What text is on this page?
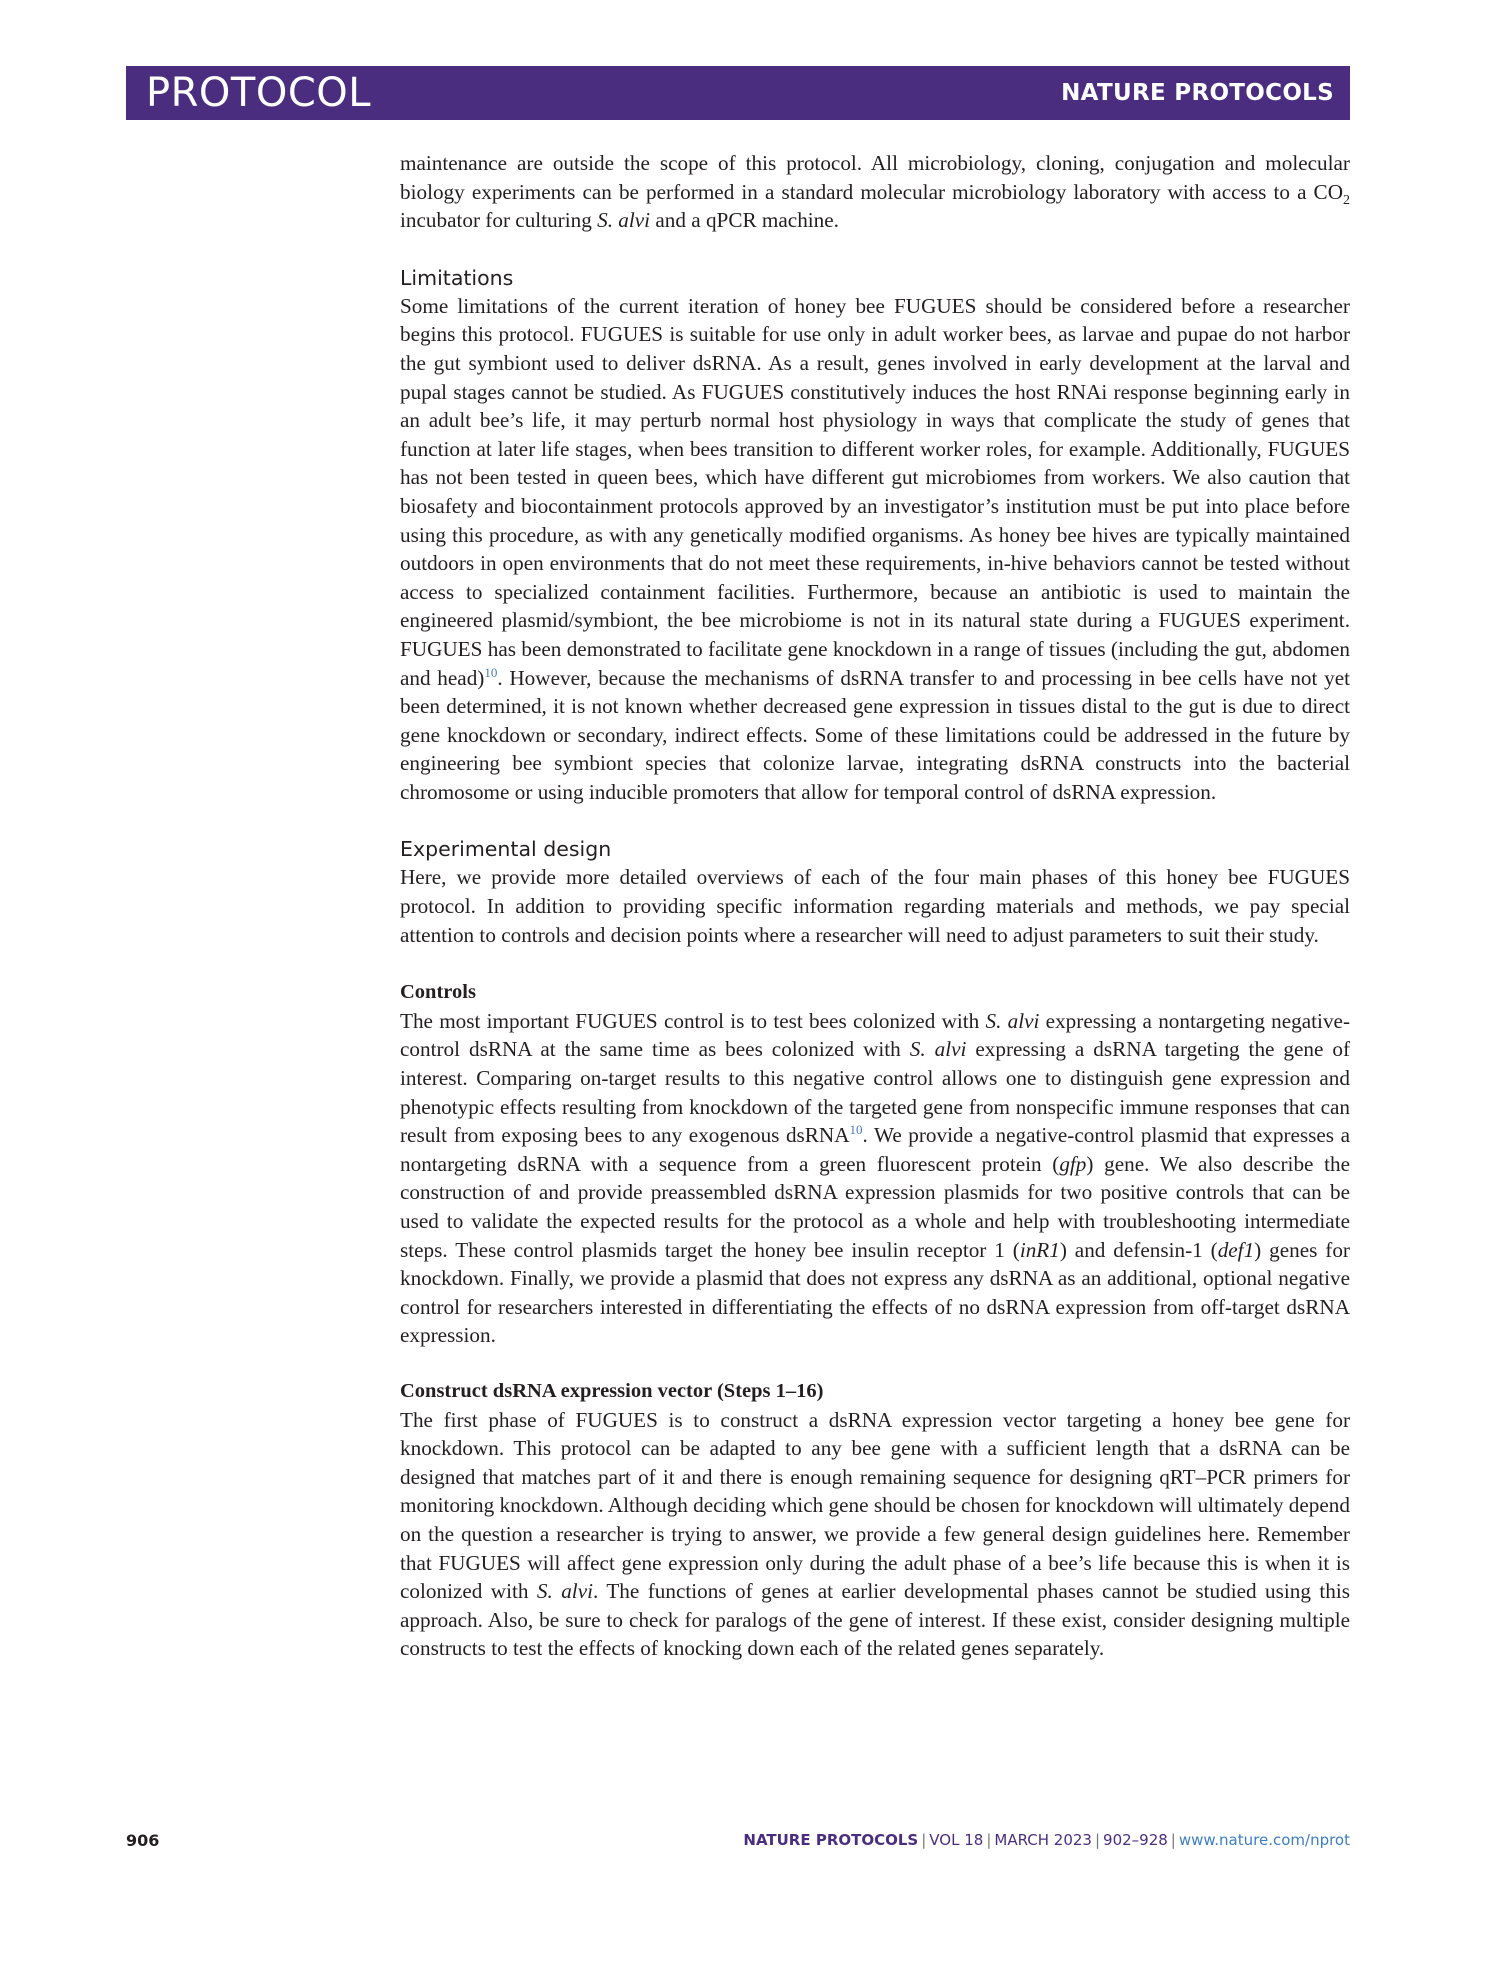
PROTOCOL	NATURE PROTOCOLS

maintenance are outside the scope of this protocol. All microbiology, cloning, conjugation and molecular biology experiments can be performed in a standard molecular microbiology laboratory with access to a $CO_2$ incubator for culturing S. alvi and a qPCR machine.

Limitations

Some limitations of the current iteration of honey bee FUGUES should be considered before a researcher begins this protocol. FUGUES is suitable for use only in adult worker bees, as larvae and pupae do not harbor the gut symbiont used to deliver dsRNA. As a result, genes involved in early development at the larval and pupal stages cannot be studied. As FUGUES constitutively induces the host RNAi response beginning early in an adult bee’s life, it may perturb normal host physiology in ways that complicate the study of genes that function at later life stages, when bees transition to different worker roles, for example. Additionally, FUGUES has not been tested in queen bees, which have different gut microbiomes from workers. We also caution that biosafety and biocontainment protocols approved by an investigator’s institution must be put into place before using this procedure, as with any genetically modified organisms. As honey bee hives are typically maintained outdoors in open environments that do not meet these requirements, in-hive behaviors cannot be tested without access to specialized containment facilities. Furthermore, because an antibiotic is used to maintain the engineered plasmid/symbiont, the bee microbiome is not in its natural state during a FUGUES experiment. FUGUES has been demonstrated to facilitate gene knockdown in a range of tissues (including the gut, abdomen and head)$^{10}$. However, because the mechanisms of dsRNA transfer to and processing in bee cells have not yet been determined, it is not known whether decreased gene expression in tissues distal to the gut is due to direct gene knockdown or secondary, indirect effects. Some of these limitations could be addressed in the future by engineering bee symbiont species that colonize larvae, integrating dsRNA constructs into the bacterial chromosome or using inducible promoters that allow for temporal control of dsRNA expression.

Experimental design

Here, we provide more detailed overviews of each of the four main phases of this honey bee FUGUES protocol. In addition to providing specific information regarding materials and methods, we pay special attention to controls and decision points where a researcher will need to adjust parameters to suit their study.

Controls

The most important FUGUES control is to test bees colonized with S. alvi expressing a nontargeting negative-control dsRNA at the same time as bees colonized with S. alvi expressing a dsRNA targeting the gene of interest. Comparing on-target results to this negative control allows one to distinguish gene expression and phenotypic effects resulting from knockdown of the targeted gene from nonspecific immune responses that can result from exposing bees to any exogenous dsRNA$^{10}$. We provide a negative-control plasmid that expresses a nontargeting dsRNA with a sequence from a green fluorescent protein (gfp) gene. We also describe the construction of and provide preassembled dsRNA expression plasmids for two positive controls that can be used to validate the expected results for the protocol as a whole and help with troubleshooting intermediate steps. These control plasmids target the honey bee insulin receptor 1 (inR1) and defensin-1 (def1) genes for knockdown. Finally, we provide a plasmid that does not express any dsRNA as an additional, optional negative control for researchers interested in differentiating the effects of no dsRNA expression from off-target dsRNA expression.

Construct dsRNA expression vector (Steps 1–16)

The first phase of FUGUES is to construct a dsRNA expression vector targeting a honey bee gene for knockdown. This protocol can be adapted to any bee gene with a sufficient length that a dsRNA can be designed that matches part of it and there is enough remaining sequence for designing qRT–PCR primers for monitoring knockdown. Although deciding which gene should be chosen for knockdown will ultimately depend on the question a researcher is trying to answer, we provide a few general design guidelines here. Remember that FUGUES will affect gene expression only during the adult phase of a bee’s life because this is when it is colonized with S. alvi. The functions of genes at earlier developmental phases cannot be studied using this approach. Also, be sure to check for paralogs of the gene of interest. If these exist, consider designing multiple constructs to test the effects of knocking down each of the related genes separately.

906	NATURE PROTOCOLS | VOL 18 | MARCH 2023 | 902–928 | www.nature.com/nprot
